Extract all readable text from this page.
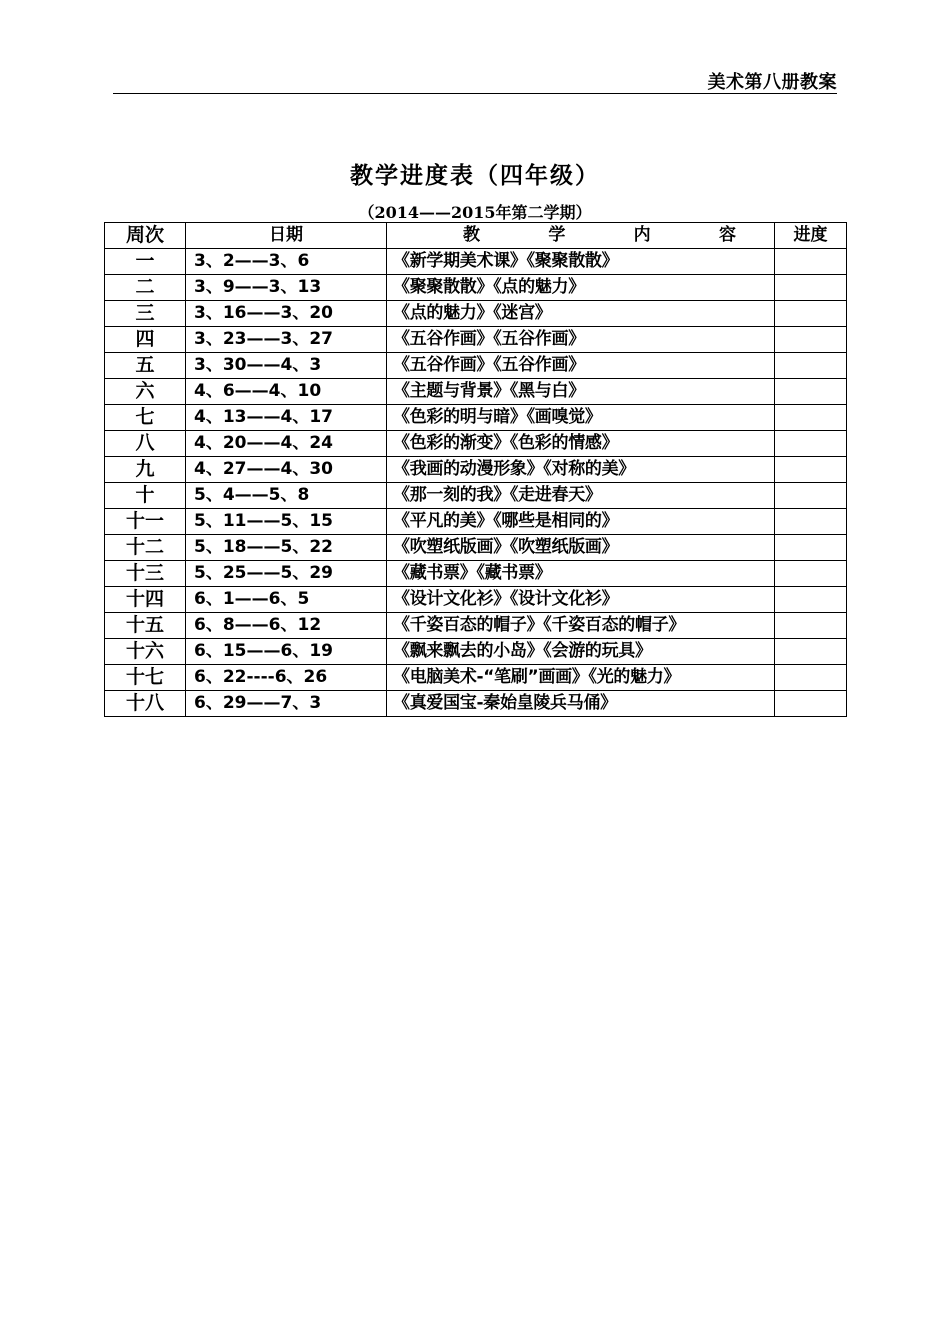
美术第八册教案
教学进度表（四年级）
（2014——2015年第二学期）
周次	日期	教 学 内 容	进度
一	3、2——3、6	《新学期美术课》《聚聚散散》	
二	3、9——3、13	《聚聚散散》《点的魅力》	
三	3、16——3、20	《点的魅力》《迷宫》	
四	3、23——3、27	《五谷作画》《五谷作画》	
五	3、30——4、3	《五谷作画》《五谷作画》	
六	4、6——4、10	《主题与背景》《黑与白》	
七	4、13——4、17	《色彩的明与暗》《画嗅觉》	
八	4、20——4、24	《色彩的渐变》《色彩的情感》	
九	4、27——4、30	《我画的动漫形象》《对称的美》	
十	5、4——5、8	《那一刻的我》《走进春天》	
十一	5、11——5、15	《平凡的美》《哪些是相同的》	
十二	5、18——5、22	《吹塑纸版画》《吹塑纸版画》	
十三	5、25——5、29	《藏书票》《藏书票》	
十四	6、1——6、5	《设计文化衫》《设计文化衫》	
十五	6、8——6、12	《千姿百态的帽子》《千姿百态的帽子》	
十六	6、15——6、19	《飘来飘去的小岛》《会游的玩具》	
十七	6、22----6、26	《电脑美术-“笔刷”画画》《光的魅力》	
十八	6、29——7、3	《真爱国宝-秦始皇陵兵马俑》	
